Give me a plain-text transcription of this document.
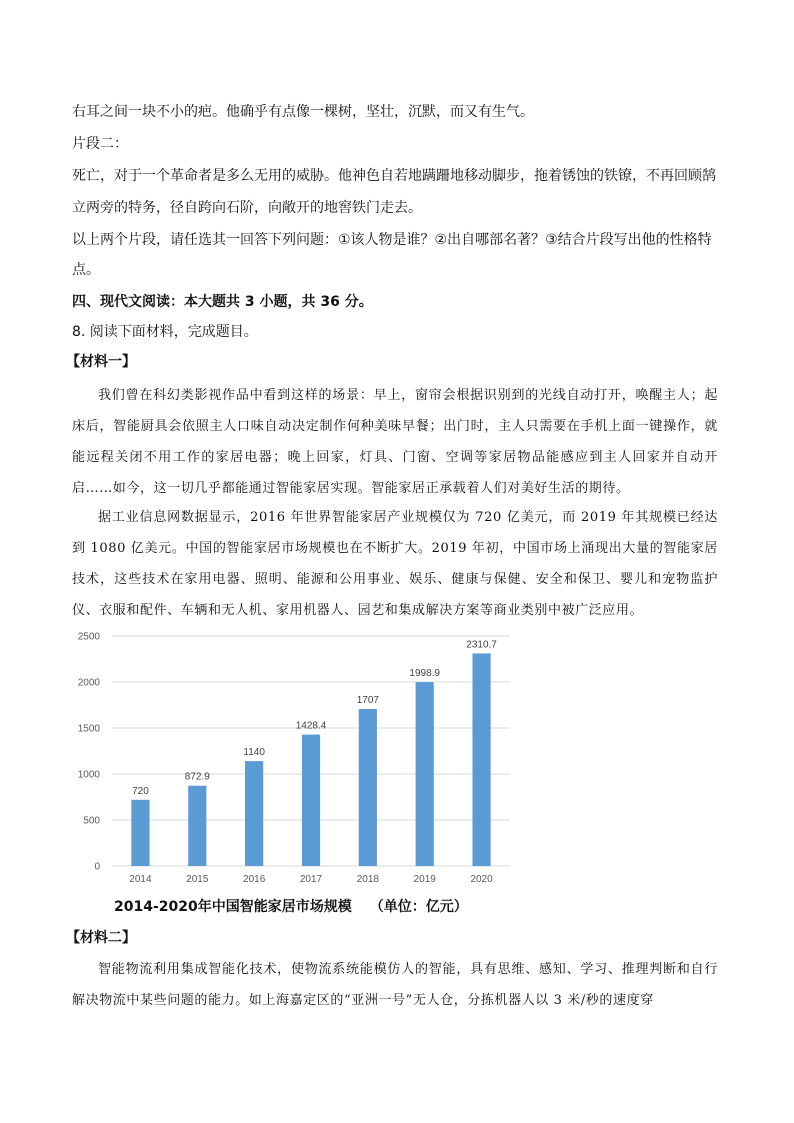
右耳之间一块不小的疤。他确乎有点像一棵树，坚壮，沉默，而又有生气。
片段二：
死亡，对于一个革命者是多么无用的威胁。他神色自若地蹒跚地移动脚步，拖着锈蚀的铁镣，不再回顾鹄
立两旁的特务，径自跨向石阶，向敞开的地窖铁门走去。
以上两个片段，请任选其一回答下列问题：①该人物是谁？②出自哪部名著？③结合片段写出他的性格特
点。
四、现代文阅读：本大题共 3 小题，共 36 分。
8. 阅读下面材料，完成题目。
【材料一】
我们曾在科幻类影视作品中看到这样的场景：早上，窗帘会根据识别到的光线自动打开，唤醒主人；起床后，智能厨具会依照主人口味自动决定制作何种美味早餐；出门时，主人只需要在手机上面一键操作，就能远程关闭不用工作的家居电器；晚上回家，灯具、门窗、空调等家居物品能感应到主人回家并自动开启……如今，这一切几乎都能通过智能家居实现。智能家居正承载着人们对美好生活的期待。
据工业信息网数据显示，2016 年世界智能家居产业规模仅为 720 亿美元，而 2019 年其规模已经达到 1080 亿美元。中国的智能家居市场规模也在不断扩大。2019 年初，中国市场上涌现出大量的智能家居技术，这些技术在家用电器、照明、能源和公用事业、娱乐、健康与保健、安全和保卫、婴儿和宠物监护仪、衣服和配件、车辆和无人机、家用机器人、园艺和集成解决方案等商业类别中被广泛应用。
0
500
1000
1500
2000
2500
720
2014
872.9
2015
1140
2016
1428.4
2017
1707
2018
1998.9
2019
2310.7
2020
2014-2020年中国智能家居市场规模 （单位：亿元）
【材料二】
智能物流利用集成智能化技术，使物流系统能模仿人的智能，具有思维、感知、学习、推理判断和自行解决物流中某些问题的能力。如上海嘉定区的“亚洲一号”无人仓，分拣机器人以 3 米/秒的速度穿
